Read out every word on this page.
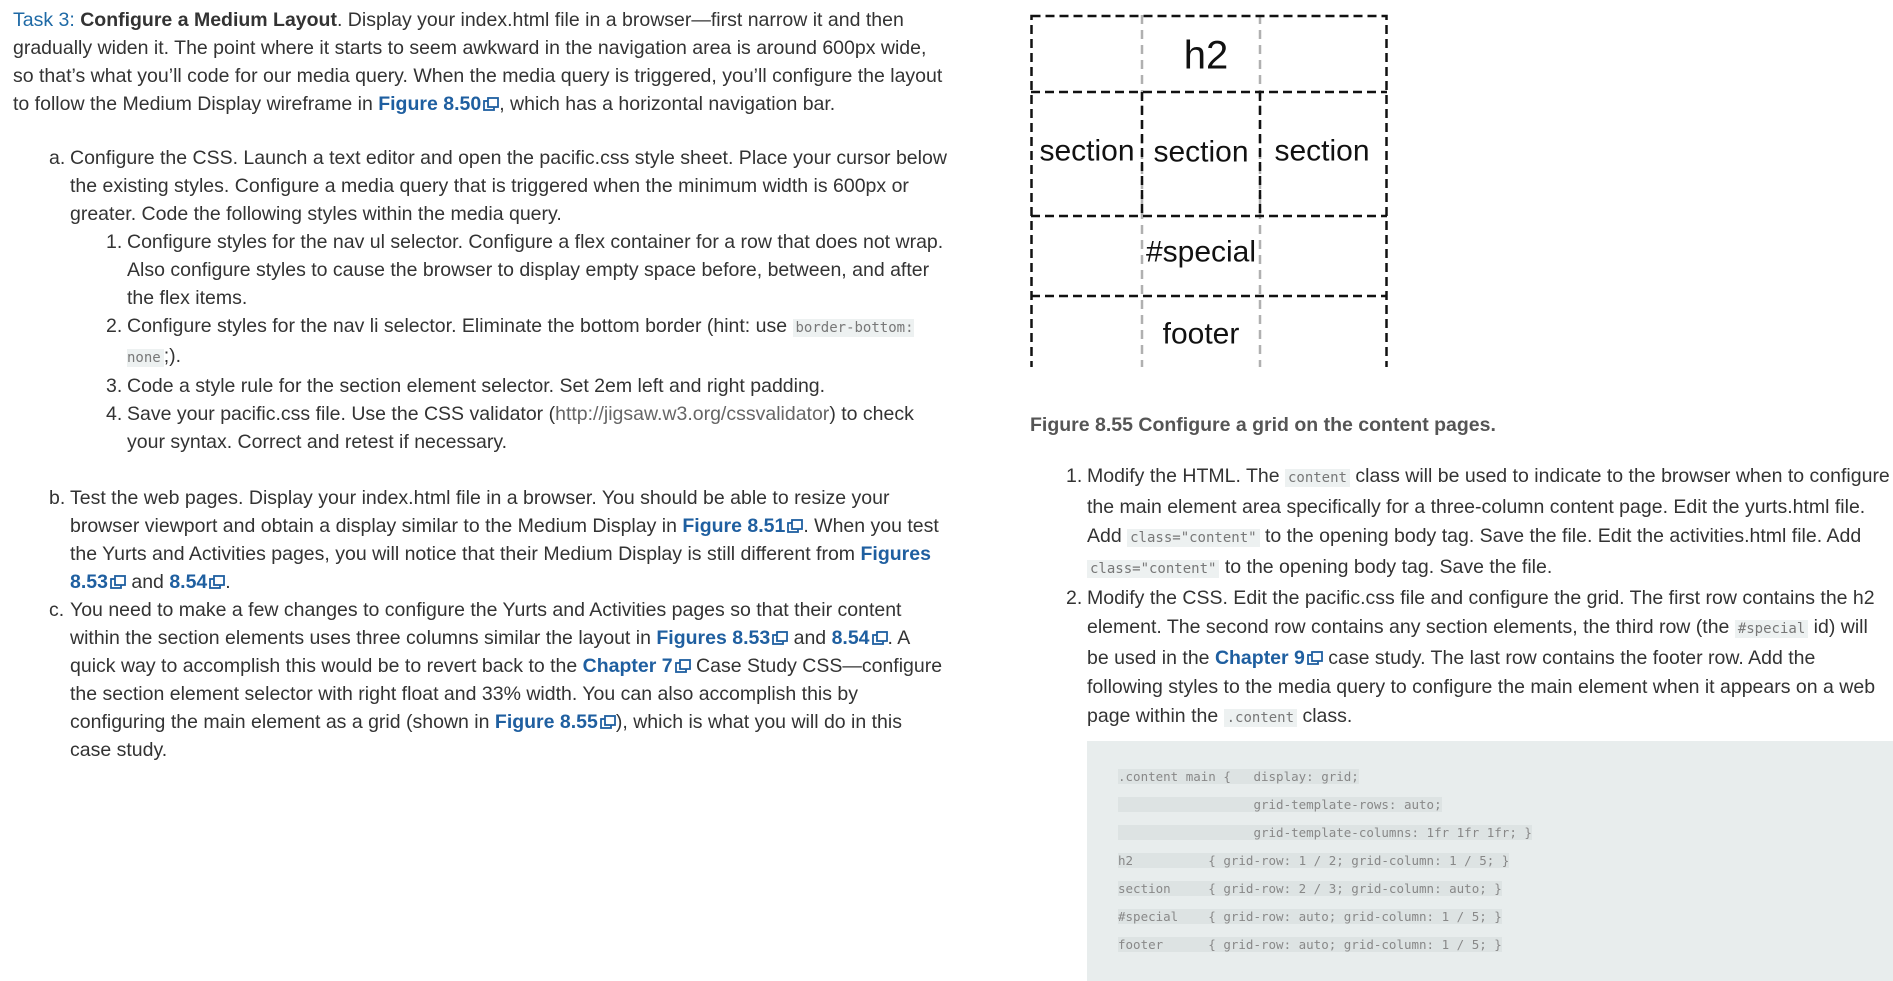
Task 3: Configure a Medium Layout. Display your index.html file in a browser—first narrow it and then gradually widen it. The point where it starts to seem awkward in the navigation area is around 600px wide, so that’s what you’ll code for our media query. When the media query is triggered, you’ll configure the layout to follow the Medium Display wireframe in Figure 8.50 , which has a horizontal navigation bar.

a. Configure the CSS. Launch a text editor and open the pacific.css style sheet. Place your cursor below the existing styles. Configure a media query that is triggered when the minimum width is 600px or greater. Code the following styles within the media query.
1. Configure styles for the nav ul selector. Configure a flex container for a row that does not wrap. Also configure styles to cause the browser to display empty space before, between, and after the flex items.
2. Configure styles for the nav li selector. Eliminate the bottom border (hint: use border-bottom: none ;).
3. Code a style rule for the section element selector. Set 2em left and right padding.
4. Save your pacific.css file. Use the CSS validator (http://jigsaw.w3.org/cssvalidator) to check your syntax. Correct and retest if necessary.
b. Test the web pages. Display your index.html file in a browser. You should be able to resize your browser viewport and obtain a display similar to the Medium Display in Figure 8.51 . When you test the Yurts and Activities pages, you will notice that their Medium Display is still different from Figures 8.53 and 8.54 .
c. You need to make a few changes to configure the Yurts and Activities pages so that their content within the section elements uses three columns similar the layout in Figures 8.53 and 8.54 . A quick way to accomplish this would be to revert back to the Chapter 7 Case Study CSS—configure the section element selector with right float and 33% width. You can also accomplish this by configuring the main element as a grid (shown in Figure 8.55 ), which is what you will do in this case study.
h2
section section section
#special
footer

Figure 8.55 Configure a grid on the content pages.

1. Modify the HTML. The content class will be used to indicate to the browser when to configure the main element area specifically for a three-column content page. Edit the yurts.html file. Add class="content" to the opening body tag. Save the file. Edit the activities.html file. Add class="content" to the opening body tag. Save the file.
2. Modify the CSS. Edit the pacific.css file and configure the grid. The first row contains the h2 element. The second row contains any section elements, the third row (the #special id) will be used in the Chapter 9 case study. The last row contains the footer row. Add the following styles to the media query to configure the main element when it appears on a web page within the .content class.
.content main {   display: grid;
grid-template-rows: auto;
grid-template-columns: 1fr 1fr 1fr; }
h2          { grid-row: 1 / 2; grid-column: 1 / 5; }
section     { grid-row: 2 / 3; grid-column: auto; }
#special    { grid-row: auto; grid-column: 1 / 5; }
footer      { grid-row: auto; grid-column: 1 / 5; }
